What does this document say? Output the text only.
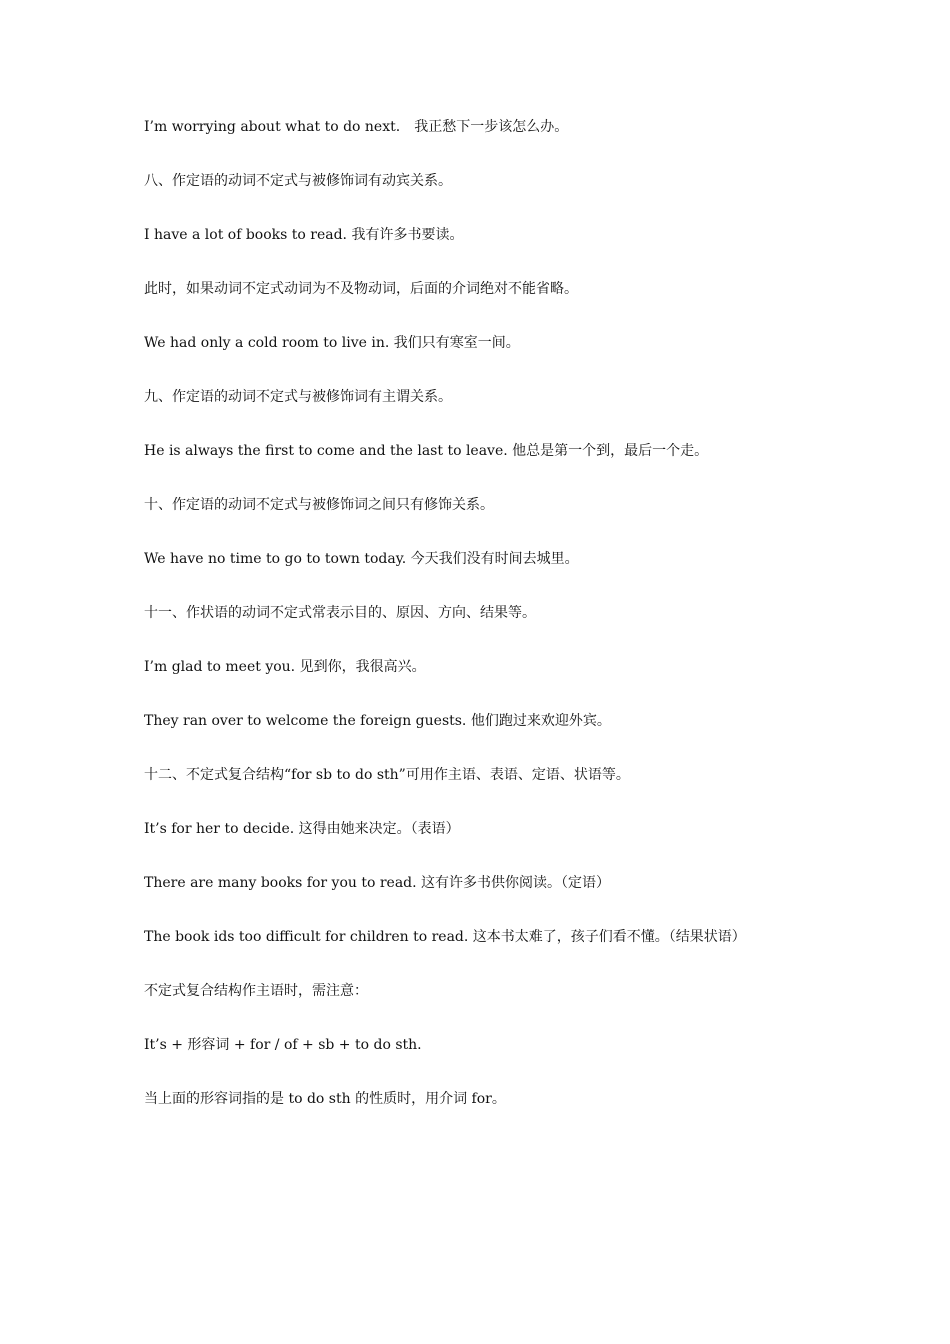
I’m worrying about what to do next.　我正愁下一步该怎么办。

八、作定语的动词不定式与被修饰词有动宾关系。

I have a lot of books to read. 我有许多书要读。

此时，如果动词不定式动词为不及物动词，后面的介词绝对不能省略。

We had only a cold room to live in. 我们只有寒室一间。

九、作定语的动词不定式与被修饰词有主谓关系。

He is always the first to come and the last to leave. 他总是第一个到，最后一个走。

十、作定语的动词不定式与被修饰词之间只有修饰关系。

We have no time to go to town today. 今天我们没有时间去城里。

十一、作状语的动词不定式常表示目的、原因、方向、结果等。

I’m glad to meet you. 见到你，我很高兴。

They ran over to welcome the foreign guests. 他们跑过来欢迎外宾。

十二、不定式复合结构“for sb to do sth”可用作主语、表语、定语、状语等。

It’s for her to decide. 这得由她来决定。（表语）

There are many books for you to read. 这有许多书供你阅读。（定语）

The book ids too difficult for children to read. 这本书太难了，孩子们看不懂。（结果状语）

不定式复合结构作主语时，需注意：

It’s + 形容词 + for / of + sb + to do sth.

当上面的形容词指的是 to do sth 的性质时，用介词 for。
